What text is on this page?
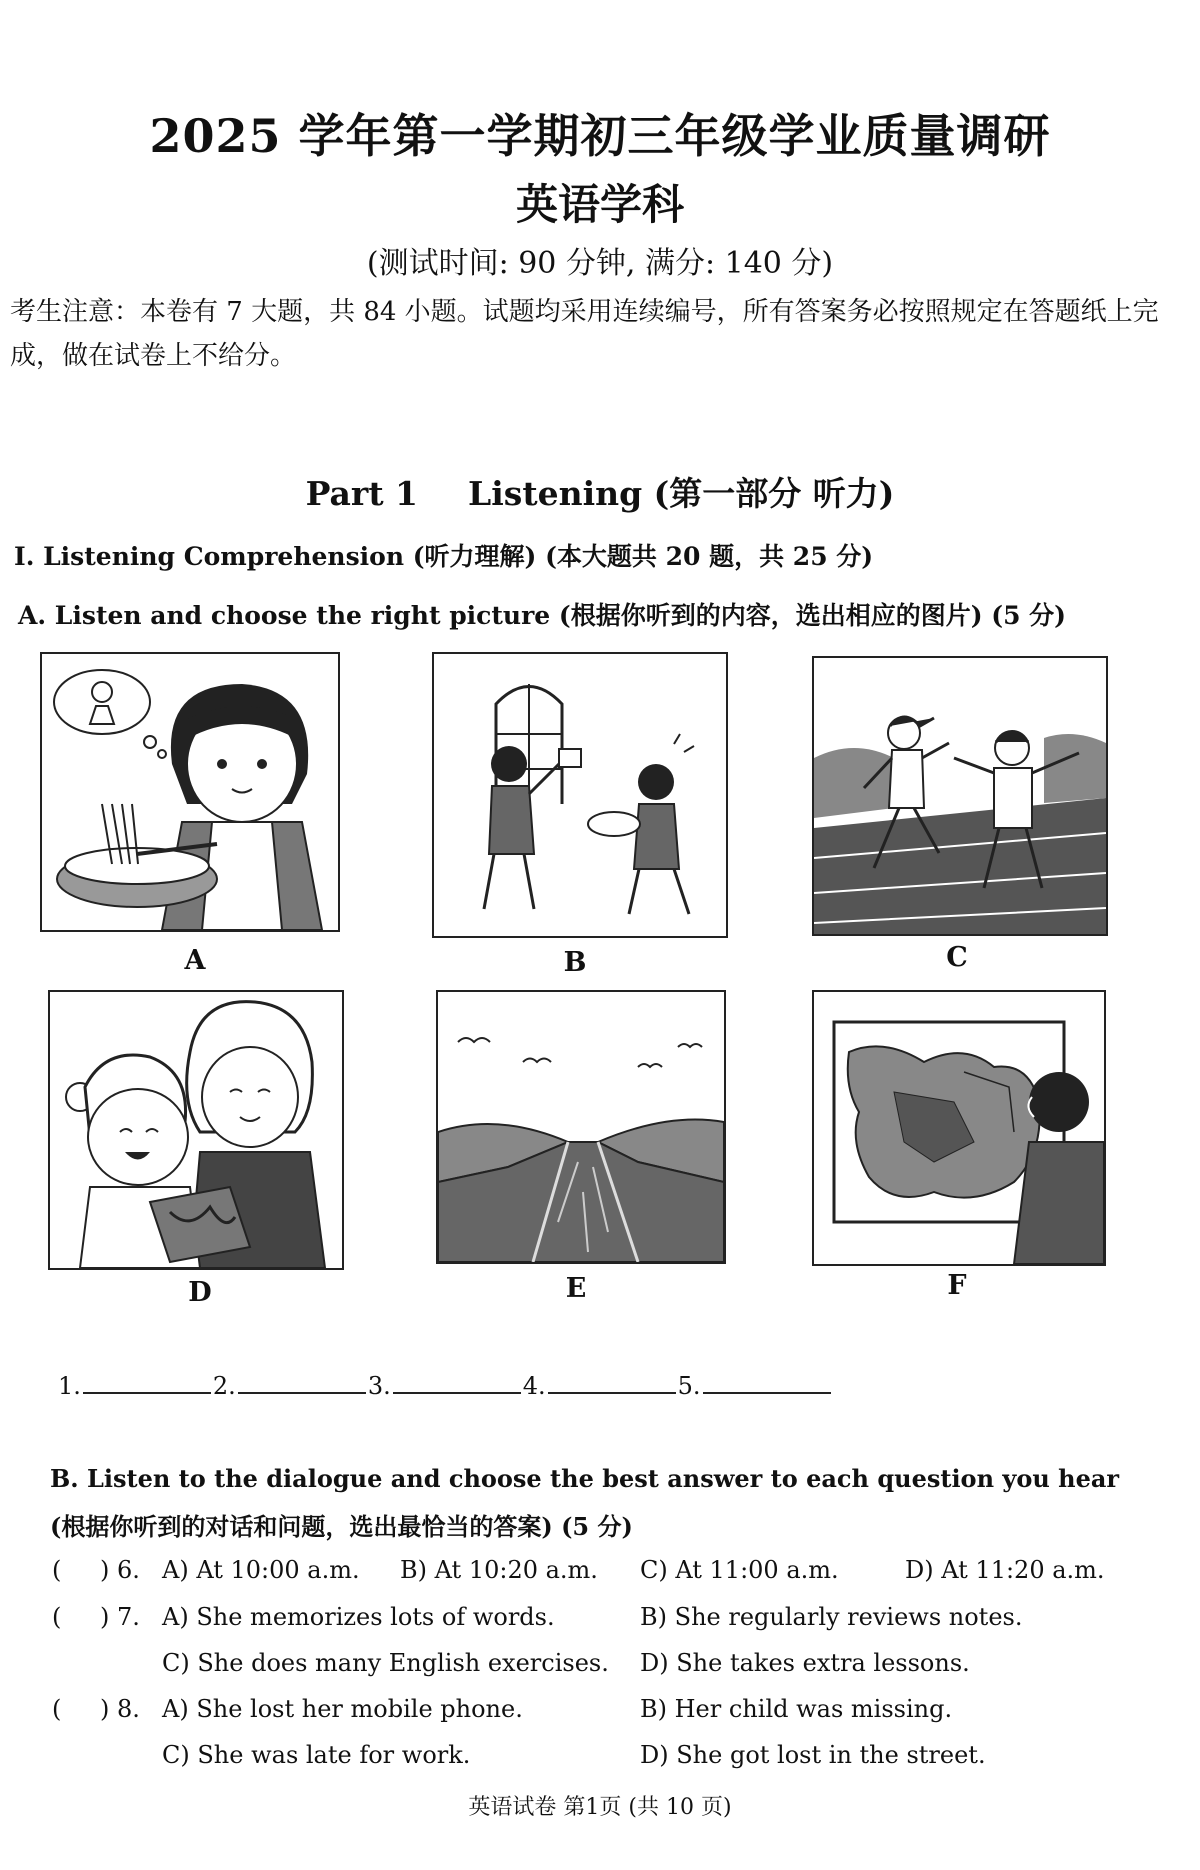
2025 学年第一学期初三年级学业质量调研
英语学科
(测试时间: 90 分钟, 满分: 140 分)
考生注意：本卷有 7 大题，共 84 小题。试题均采用连续编号，所有答案务必按照规定在答题纸上完成，做在试卷上不给分。
Part 1 Listening (第一部分 听力)
I. Listening Comprehension (听力理解) (本大题共 20 题，共 25 分)
A. Listen and choose the right picture (根据你听到的内容，选出相应的图片) (5 分)
A	B	C
D	E	F
1.	2.	3.	4.	5.
B. Listen to the dialogue and choose the best answer to each question you hear (根据你听到的对话和问题，选出最恰当的答案) (5 分)
( ) 6. A) At 10:00 a.m. B) At 10:20 a.m. C) At 11:00 a.m.	D) At 11:20 a.m.
( ) 7. A) She memorizes lots of words.	B) She regularly reviews notes.
C) She does many English exercises. D) She takes extra lessons.
( ) 8. A) She lost her mobile phone.	B) Her child was missing.
C) She was late for work.	D) She got lost in the street.
英语试卷 第1页 (共 10 页)
